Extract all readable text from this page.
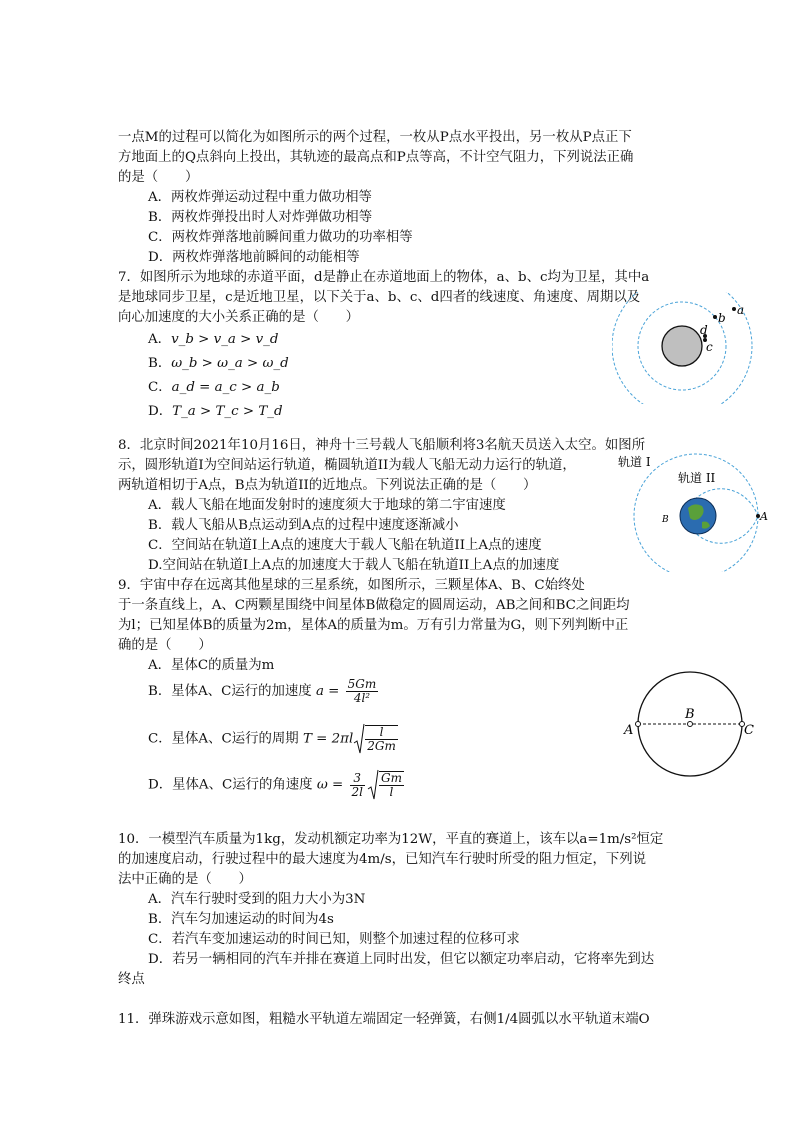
一点M的过程可以简化为如图所示的两个过程，一枚从P点水平投出，另一枚从P点正下
方地面上的Q点斜向上投出，其轨迹的最高点和P点等高，不计空气阻力，下列说法正确
的是（　　）
A．两枚炸弹运动过程中重力做功相等
B．两枚炸弹投出时人对炸弹做功相等
C．两枚炸弹落地前瞬间重力做功的功率相等
D．两枚炸弹落地前瞬间的动能相等
7．如图所示为地球的赤道平面，d是静止在赤道地面上的物体，a、b、c均为卫星，其中a
是地球同步卫星，c是近地卫星，以下关于a、b、c、d四者的线速度、角速度、周期以及
向心加速度的大小关系正确的是（　　）
A．v_b > v_a > v_d
B．ω_b > ω_a > ω_d
C．a_d = a_c > a_b
D．T_a > T_c > T_d
a
b
d
c
8．北京时间2021年10月16日，神舟十三号载人飞船顺利将3名航天员送入太空。如图所
示，圆形轨道I为空间站运行轨道，椭圆轨道II为载人飞船无动力运行的轨道，
两轨道相切于A点，B点为轨道II的近地点。下列说法正确的是（　　）
A．载人飞船在地面发射时的速度须大于地球的第二宇宙速度
B．载人飞船从B点运动到A点的过程中速度逐渐减小
C．空间站在轨道I上A点的速度大于载人飞船在轨道II上A点的速度
D.空间站在轨道I上A点的加速度大于载人飞船在轨道II上A点的加速度
轨道 I
轨道 II
A
B
9．宇宙中存在远离其他星球的三星系统，如图所示，三颗星体A、B、C始终处
于一条直线上，A、C两颗星围绕中间星体B做稳定的圆周运动，AB之间和BC之间距均
为l；已知星体B的质量为2m，星体A的质量为m。万有引力常量为G，则下列判断中正
确的是（　　）
A．星体C的质量为m
B．星体A、C运行的加速度 $a = \frac{5Gm}{\text{4l²}}$
C．星体A、C运行的周期 $T = 2\pi l \frac{l}{2Gm}$
D．星体A、C运行的角速度 $\omega = \frac{3}{2l} \frac{Gm}{l}$
A
B
C
10．一模型汽车质量为1kg，发动机额定功率为12W，平直的赛道上，该车以a=1m/s²恒定
的加速度启动，行驶过程中的最大速度为4m/s，已知汽车行驶时所受的阻力恒定，下列说
法中正确的是（　　）
A．汽车行驶时受到的阻力大小为3N
B．汽车匀加速运动的时间为4s
C．若汽车变加速运动的时间已知，则整个加速过程的位移可求
D．若另一辆相同的汽车并排在赛道上同时出发，但它以额定功率启动，它将率先到达
终点
11．弹珠游戏示意如图，粗糙水平轨道左端固定一轻弹簧，右侧1/4圆弧以水平轨道末端O
